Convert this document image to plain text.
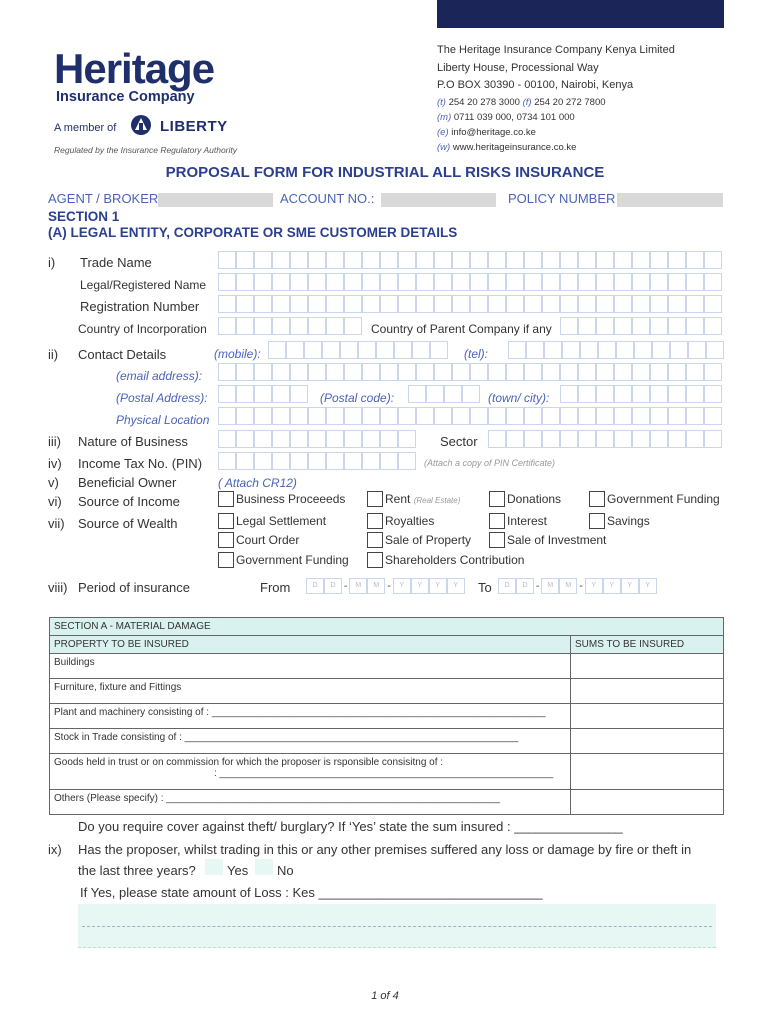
Heritage
Insurance Company
A member of	LIBERTY
Regulated by the Insurance Regulatory Authority
The Heritage Insurance Company Kenya Limited
Liberty House, Processional Way
P.O BOX 30390 - 00100, Nairobi, Kenya
(t) 254 20 278 3000 (f) 254 20 272 7800
(m) 0711 039 000, 0734 101 000
(e) info@heritage.co.ke
(w) www.heritageinsurance.co.ke
PROPOSAL FORM FOR INDUSTRIAL ALL RISKS INSURANCE
AGENT / BROKER	ACCOUNT NO.:	POLICY NUMBER
SECTION 1
(A) LEGAL ENTITY, CORPORATE OR SME CUSTOMER DETAILS
i) Trade Name
Legal/Registered Name
Registration Number
Country of Incorporation	Country of Parent Company if any
ii) Contact Details	(mobile):	(tel):
(email address):
(Postal Address):	(Postal code):	(town/ city):
Physical Location
iii) Nature of Business	Sector
iv) Income Tax No. (PIN)	(Attach a copy of PIN Certificate)
v) Beneficial Owner	( Attach CR12)
vi) Source of Income	Business Proceeeds	Rent (Real Estate)	Donations	Government Funding
vii) Source of Wealth	Legal Settlement	Royalties	Interest	Savings
Court Order	Sale of Property	Sale of Investment
Government Funding	Shareholders Contribution
viii) Period of insurance	From	D	D -	M	M -	Y	Y	Y	Y	To	D	D -	M	M -	Y	Y	Y	Y
SECTION A - MATERIAL DAMAGE	
PROPERTY TO BE INSURED	SUMS TO BE INSURED
Buildings	
Furniture, fixture and Fittings	
Plant and machinery consisting of : ____________________________________________________________	
Stock in Trade consisting of : ____________________________________________________________	

Goods held in trust or on commission for which the proposer is rsponsible consisitng of :
: ____________________________________________________________	

Others (Please specify) : ____________________________________________________________	
Do you require cover against theft/ burglary? If ‘Yes’ state the sum insured : _______________
ix) Has the proposer, whilst trading in this or any other premises suffered any loss or damage by fire or theft in
the last three years? Yes No
If Yes, please state amount of Loss : Kes _______________________________
1 of 4
